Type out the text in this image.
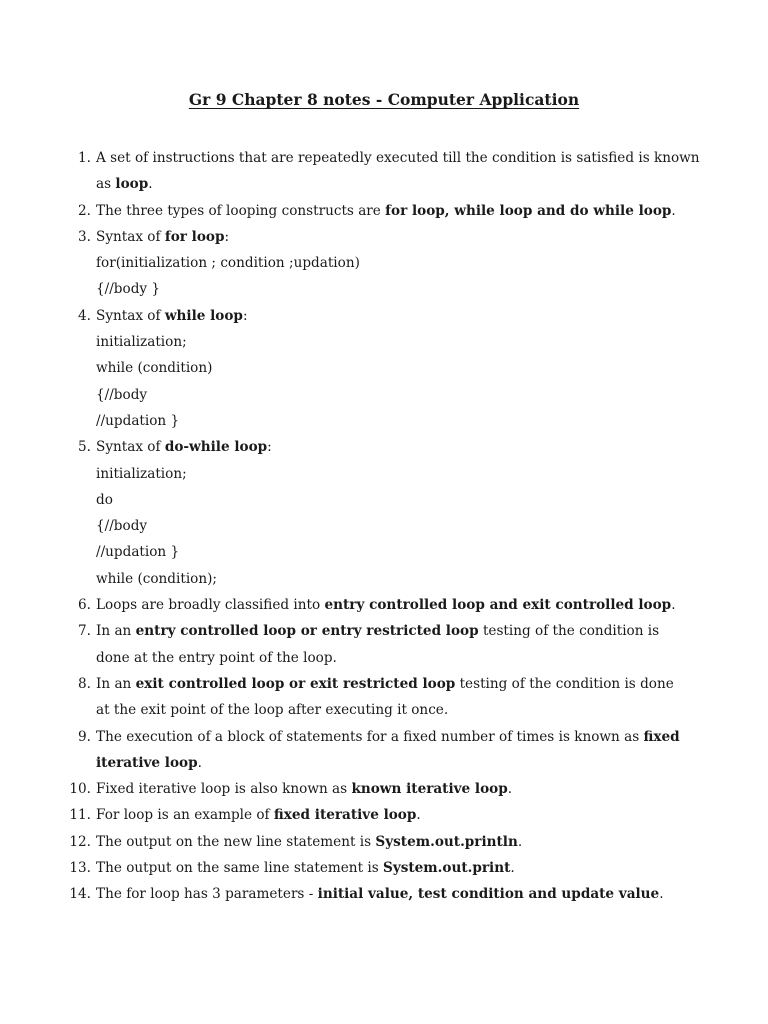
Gr 9 Chapter 8 notes - Computer Application
1. A set of instructions that are repeatedly executed till the condition is satisfied is known
as loop.
2. The three types of looping constructs are for loop, while loop and do while loop.
3. Syntax of for loop:
for(initialization ; condition ;updation)
{//body }
4. Syntax of while loop:
initialization;
while (condition)
{//body
//updation }
5. Syntax of do-while loop:
initialization;
do
{//body
//updation }
while (condition);
6. Loops are broadly classified into entry controlled loop and exit controlled loop.
7. In an entry controlled loop or entry restricted loop testing of the condition is
done at the entry point of the loop.
8. In an exit controlled loop or exit restricted loop testing of the condition is done
at the exit point of the loop after executing it once.
9. The execution of a block of statements for a fixed number of times is known as fixed
iterative loop.
10. Fixed iterative loop is also known as known iterative loop.
11. For loop is an example of fixed iterative loop.
12. The output on the new line statement is System.out.println.
13. The output on the same line statement is System.out.print.
14. The for loop has 3 parameters - initial value, test condition and update value.
